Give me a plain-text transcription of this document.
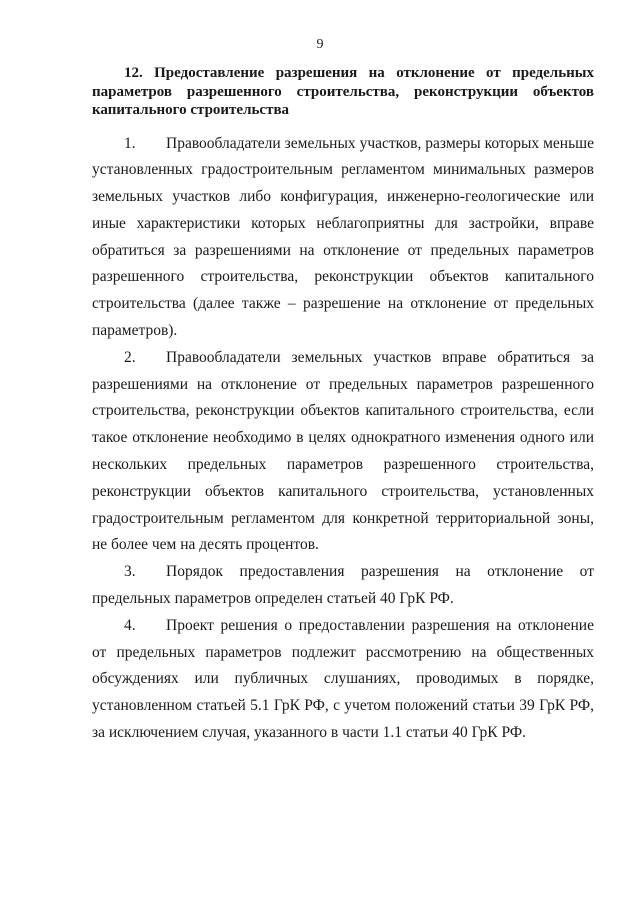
9

12. Предоставление разрешения на отклонение от предельных параметров разрешенного строительства, реконструкции объектов капитального строительства

1. Правообладатели земельных участков, размеры которых меньше установленных градостроительным регламентом минимальных размеров земельных участков либо конфигурация, инженерно-геологические или иные характеристики которых неблагоприятны для застройки, вправе обратиться за разрешениями на отклонение от предельных параметров разрешенного строительства, реконструкции объектов капитального строительства (далее также – разрешение на отклонение от предельных параметров).

2. Правообладатели земельных участков вправе обратиться за разрешениями на отклонение от предельных параметров разрешенного строительства, реконструкции объектов капитального строительства, если такое отклонение необходимо в целях однократного изменения одного или нескольких предельных параметров разрешенного строительства, реконструкции объектов капитального строительства, установленных градостроительным регламентом для конкретной территориальной зоны, не более чем на десять процентов.

3. Порядок предоставления разрешения на отклонение от предельных параметров определен статьей 40 ГрК РФ.

4. Проект решения о предоставлении разрешения на отклонение от предельных параметров подлежит рассмотрению на общественных обсуждениях или публичных слушаниях, проводимых в порядке, установленном статьей 5.1 ГрК РФ, с учетом положений статьи 39 ГрК РФ, за исключением случая, указанного в части 1.1 статьи 40 ГрК РФ.
